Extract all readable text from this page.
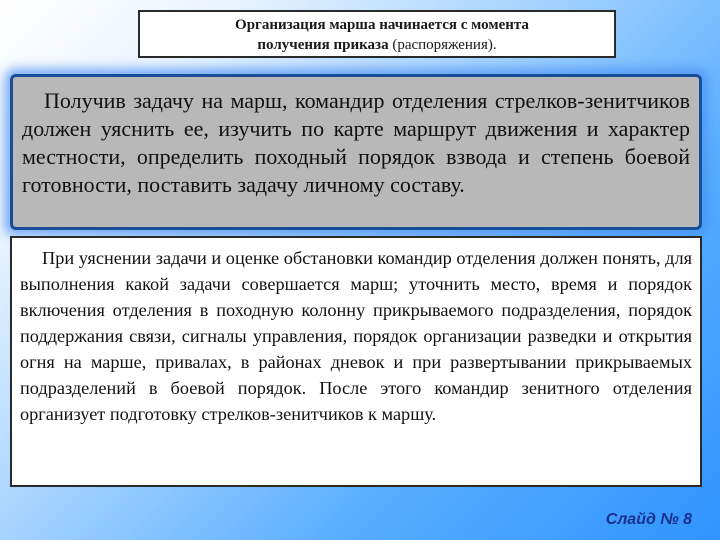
Организация марша начинается с момента
получения приказа (распоряжения).

Получив задачу на марш, командир отделения стрелков-зенитчиков должен уяснить ее, изучить по карте маршрут движения и характер местности, определить походный порядок взвода и степень боевой готовности, поставить задачу личному составу.

При уяснении задачи и оценке обстановки командир отделения должен понять, для выполнения какой задачи совершается марш; уточнить место, время и порядок включения отделения в походную колонну прикрываемого подразделения, порядок поддержания связи, сигналы управления, порядок организации разведки и открытия огня на марше, привалах, в районах дневок и при развертывании прикрываемых подразделений в боевой порядок. После этого командир зенитного отделения организует подготовку стрелков-зенитчиков к маршу.

Слайд № 8
